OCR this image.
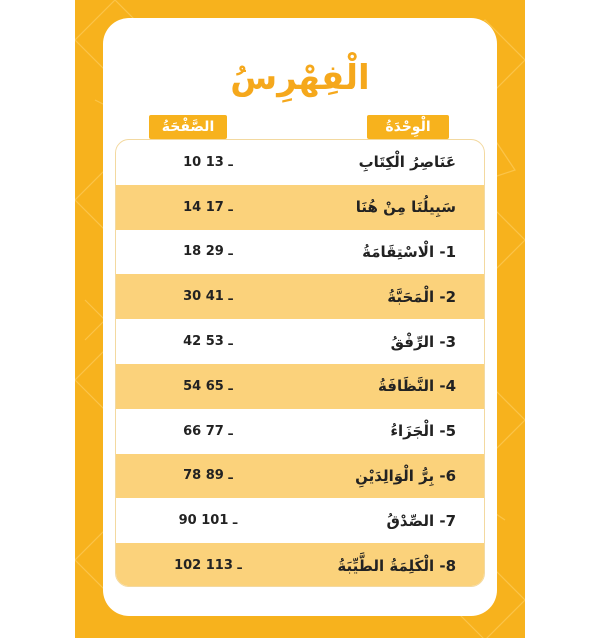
الْفِهْرِسُ
الْوِحْدَةُ
الصَّفْحَةُ
عَنَاصِرُ الْكِتَابِ
10 ـ 13
سَبِيلُنَا مِنْ هُنَا
14 ـ 17
1- الْاسْتِقَامَةُ
18 ـ 29
2- الْمَحَبَّةُ
30 ـ 41
3- الرِّفْقُ
42 ـ 53
4- النَّظَافَةُ
54 ـ 65
5- الْجَزَاءُ
66 ـ 77
6- بِرُّ الْوَالِدَيْنِ
78 ـ 89
7- الصِّدْقُ
90 ـ 101
8- الْكَلِمَةُ الطَّيِّبَةُ
102 ـ 113
